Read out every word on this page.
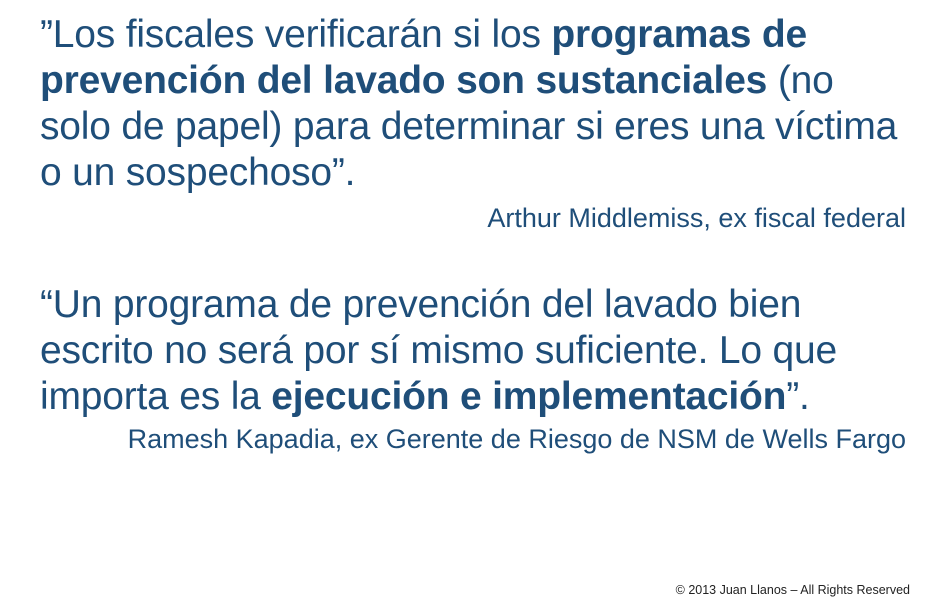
”Los fiscales verificarán si los programas de prevención del lavado son sustanciales (no solo de papel) para determinar si eres una víctima o un sospechoso”.
Arthur Middlemiss, ex fiscal federal
“Un programa de prevención del lavado bien escrito no será por sí mismo suficiente. Lo que importa es la ejecución e implementación”.
Ramesh Kapadia, ex Gerente de Riesgo de NSM de Wells Fargo
© 2013 Juan Llanos – All Rights Reserved
